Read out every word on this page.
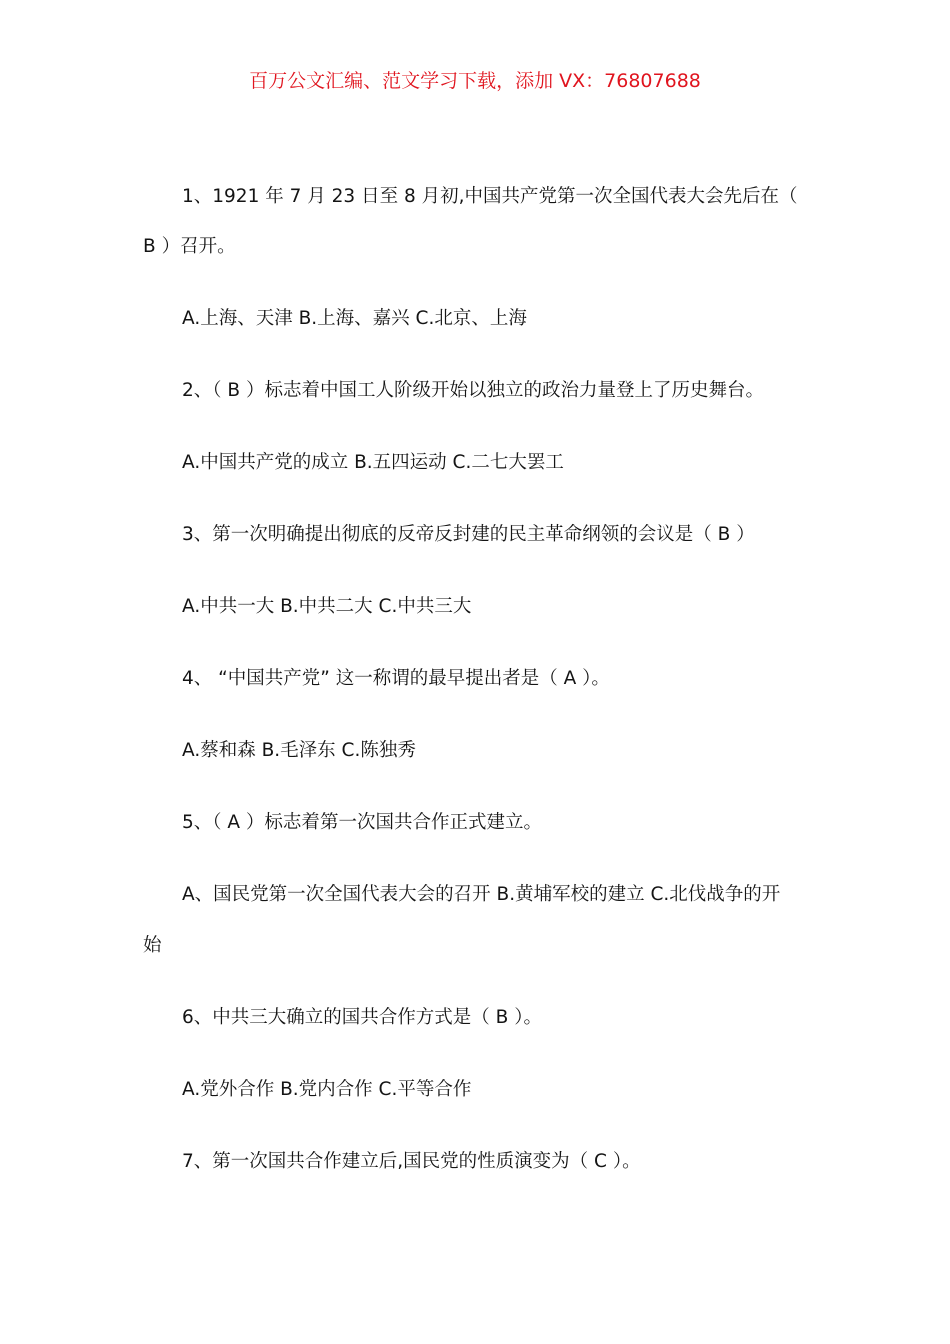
百万公文汇编、范文学习下载，添加 VX：76807688
1、1921 年 7 月 23 日至 8 月初,中国共产党第一次全国代表大会先后在（
B ）召开。
A.上海、天津 B.上海、嘉兴 C.北京、上海
2、（ B ）标志着中国工人阶级开始以独立的政治力量登上了历史舞台。
A.中国共产党的成立 B.五四运动 C.二七大罢工
3、第一次明确提出彻底的反帝反封建的民主革命纲领的会议是（ B ）
A.中共一大 B.中共二大 C.中共三大
4、 “中国共产党” 这一称谓的最早提出者是（ A ）。
A.蔡和森 B.毛泽东 C.陈独秀
5、（ A ）标志着第一次国共合作正式建立。
A、国民党第一次全国代表大会的召开 B.黄埔军校的建立 C.北伐战争的开
始
6、中共三大确立的国共合作方式是（ B ）。
A.党外合作 B.党内合作 C.平等合作
7、第一次国共合作建立后,国民党的性质演变为（ C ）。
